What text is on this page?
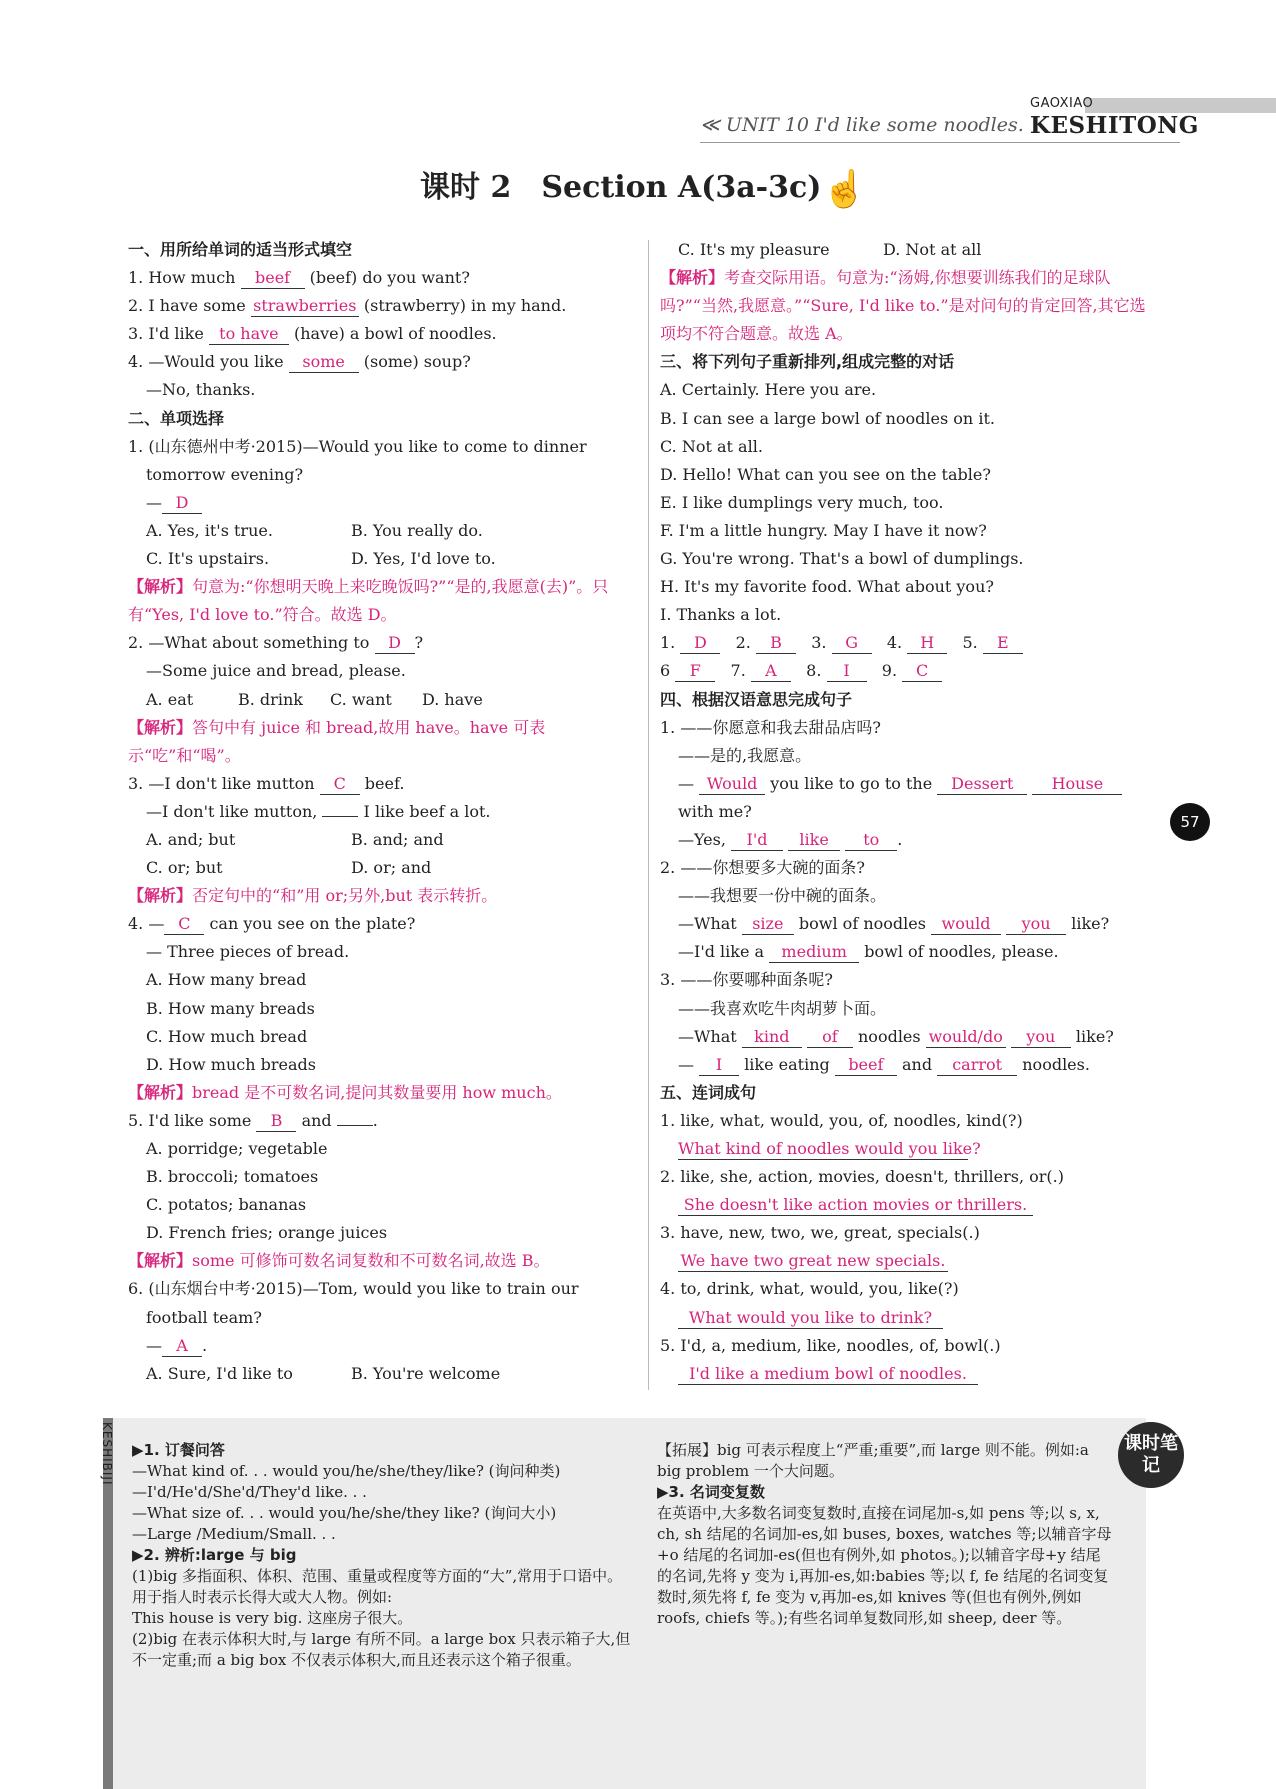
GAOXIAO
≪ UNIT 10 I'd like some noodles. KESHITONG
课时 2　Section A(3a-3c) ☝
57
一、用所给单词的适当形式填空
1. How much beef (beef) do you want?
2. I have some strawberries (strawberry) in my hand.
3. I'd like to have (have) a bowl of noodles.
4. —Would you like some (some) soup?
—No, thanks.
二、单项选择
1. (山东德州中考·2015)—Would you like to come to dinner
tomorrow evening?
— D
A. Yes, it's true.	B. You really do.
C. It's upstairs.	D. Yes, I'd love to.
【解析】句意为:“你想明天晚上来吃晚饭吗?”“是的,我愿意(去)”。只有“Yes, I'd love to.”符合。故选 D。
2. —What about something to D ?
—Some juice and bread, please.
A. eat	B. drink C. want D. have
【解析】答句中有 juice 和 bread,故用 have。have 可表示“吃”和“喝”。
3. —I don't like mutton C beef.
—I don't like mutton,	I like beef a lot.
A. and; but	B. and; and
C. or; but	D. or; and
【解析】否定句中的“和”用 or;另外,but 表示转折。
4. — C can you see on the plate?
— Three pieces of bread.
A. How many bread
B. How many breads
C. How much bread
D. How much breads
【解析】bread 是不可数名词,提问其数量要用 how much。
5. I'd like some B and	.
A. porridge; vegetable
B. broccoli; tomatoes
C. potatos; bananas
D. French fries; orange juices
【解析】some 可修饰可数名词复数和不可数名词,故选 B。
6. (山东烟台中考·2015)—Tom, would you like to train our
football team?
— A .
A. Sure, I'd like to	B. You're welcome
C. It's my pleasure	D. Not at all
【解析】考查交际用语。句意为:“汤姆,你想要训练我们的足球队吗?”“当然,我愿意。”“Sure, I'd like to.”是对问句的肯定回答,其它选项均不符合题意。故选 A。
三、将下列句子重新排列,组成完整的对话
A. Certainly. Here you are.
B. I can see a large bowl of noodles on it.
C. Not at all.
D. Hello! What can you see on the table?
E. I like dumplings very much, too.
F. I'm a little hungry. May I have it now?
G. You're wrong. That's a bowl of dumplings.
H. It's my favorite food. What about you?
I. Thanks a lot.
1. D 2. B 3. G 4. H 5. E
6 F 7. A 8. I 9. C
四、根据汉语意思完成句子
1. ——你愿意和我去甜品店吗?
——是的,我愿意。
— Would you like to go to the Dessert House
with me?
—Yes, I'd like to .
2. ——你想要多大碗的面条?
——我想要一份中碗的面条。
—What size bowl of noodles would you like?
—I'd like a medium bowl of noodles, please.
3. ——你要哪种面条呢?
——我喜欢吃牛肉胡萝卜面。
—What kind of noodles would/do you like?
— I like eating beef and carrot noodles.
五、连词成句
1. like, what, would, you, of, noodles, kind(?)
What kind of noodles would you like?
2. like, she, action, movies, doesn't, thrillers, or(.)
She doesn't like action movies or thrillers.
3. have, new, two, we, great, specials(.)
We have two great new specials.
4. to, drink, what, would, you, like(?)
What would you like to drink?
5. I'd, a, medium, like, noodles, of, bowl(.)
I'd like a medium bowl of noodles.
KESHIBIJI	课时笔记
▶1. 订餐问答
—What kind of. . . would you/he/she/they/like? (询问种类)
—I'd/He'd/She'd/They'd like. . .
—What size of. . . would you/he/she/they like? (询问大小)
—Large /Medium/Small. . .
▶2. 辨析:large 与 big
(1)big 多指面积、体积、范围、重量或程度等方面的“大”,常用于口语中。用于指人时表示长得大或大人物。例如:
This house is very big. 这座房子很大。
(2)big 在表示体积大时,与 large 有所不同。a large box 只表示箱子大,但不一定重;而 a big box 不仅表示体积大,而且还表示这个箱子很重。
【拓展】big 可表示程度上“严重;重要”,而 large 则不能。例如:a big problem 一个大问题。
▶3. 名词变复数
在英语中,大多数名词变复数时,直接在词尾加-s,如 pens 等;以 s, x, ch, sh 结尾的名词加-es,如 buses, boxes, watches 等;以辅音字母+o 结尾的名词加-es(但也有例外,如 photos。);以辅音字母+y 结尾的名词,先将 y 变为 i,再加-es,如:babies 等;以 f, fe 结尾的名词变复数时,须先将 f, fe 变为 v,再加-es,如 knives 等(但也有例外,例如 roofs, chiefs 等。);有些名词单复数同形,如 sheep, deer 等。
